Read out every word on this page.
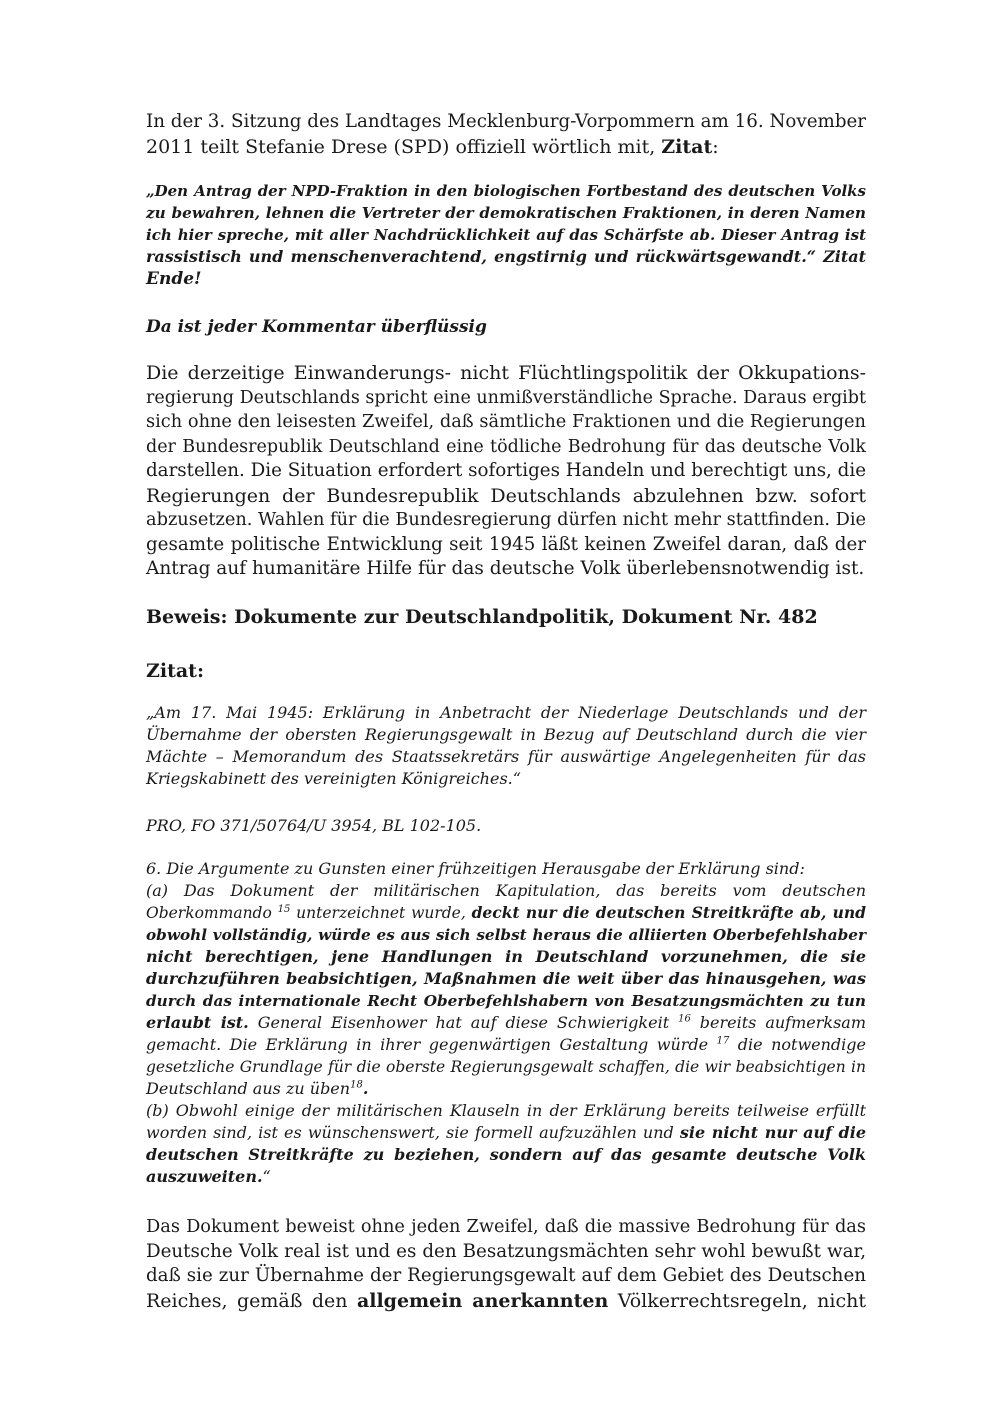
In der 3. Sitzung des Landtages Mecklenburg-Vorpommern am 16. November
2011 teilt Stefanie Drese (SPD) offiziell wörtlich mit, Zitat:
„Den Antrag der NPD-Fraktion in den biologischen Fortbestand des deutschen Volks
zu bewahren, lehnen die Vertreter der demokratischen Fraktionen, in deren Namen
ich hier spreche, mit aller Nachdrücklichkeit auf das Schärfste ab. Dieser Antrag ist
rassistisch und menschenverachtend, engstirnig und rückwärtsgewandt.“ Zitat
Ende!
Da ist jeder Kommentar überflüssig
Die derzeitige Einwanderungs- nicht Flüchtlingspolitik der Okkupations-
regierung Deutschlands spricht eine unmißverständliche Sprache. Daraus ergibt
sich ohne den leisesten Zweifel, daß sämtliche Fraktionen und die Regierungen
der Bundesrepublik Deutschland eine tödliche Bedrohung für das deutsche Volk
darstellen. Die Situation erfordert sofortiges Handeln und berechtigt uns, die
Regierungen der Bundesrepublik Deutschlands abzulehnen bzw. sofort
abzusetzen. Wahlen für die Bundesregierung dürfen nicht mehr stattfinden. Die
gesamte politische Entwicklung seit 1945 läßt keinen Zweifel daran, daß der
Antrag auf humanitäre Hilfe für das deutsche Volk überlebensnotwendig ist.
Beweis: Dokumente zur Deutschlandpolitik, Dokument Nr. 482
Zitat:
„Am 17. Mai 1945: Erklärung in Anbetracht der Niederlage Deutschlands und der
Übernahme der obersten Regierungsgewalt in Bezug auf Deutschland durch die vier
Mächte – Memorandum des Staatssekretärs für auswärtige Angelegenheiten für das
Kriegskabinett des vereinigten Königreiches.“
PRO, FO 371/50764/U 3954, BL 102-105.
6. Die Argumente zu Gunsten einer frühzeitigen Herausgabe der Erklärung sind:
(a) Das Dokument der militärischen Kapitulation, das bereits vom deutschen
Oberkommando $^{15}$ unterzeichnet wurde, deckt nur die deutschen Streitkräfte ab, und
obwohl vollständig, würde es aus sich selbst heraus die alliierten Oberbefehlshaber
nicht berechtigen, jene Handlungen in Deutschland vorzunehmen, die sie
durchzuführen beabsichtigen, Maßnahmen die weit über das hinausgehen, was
durch das internationale Recht Oberbefehlshabern von Besatzungsmächten zu tun
erlaubt ist. General Eisenhower hat auf diese Schwierigkeit $^{16}$ bereits aufmerksam
gemacht. Die Erklärung in ihrer gegenwärtigen Gestaltung würde $^{17}$ die notwendige
gesetzliche Grundlage für die oberste Regierungsgewalt schaffen, die wir beabsichtigen in
Deutschland aus zu üben$^{18}$.
(b) Obwohl einige der militärischen Klauseln in der Erklärung bereits teilweise erfüllt
worden sind, ist es wünschenswert, sie formell aufzuzählen und sie nicht nur auf die
deutschen Streitkräfte zu beziehen, sondern auf das gesamte deutsche Volk
auszuweiten.“
Das Dokument beweist ohne jeden Zweifel, daß die massive Bedrohung für das
Deutsche Volk real ist und es den Besatzungsmächten sehr wohl bewußt war,
daß sie zur Übernahme der Regierungsgewalt auf dem Gebiet des Deutschen
Reiches, gemäß den allgemein anerkannten Völkerrechtsregeln, nicht
